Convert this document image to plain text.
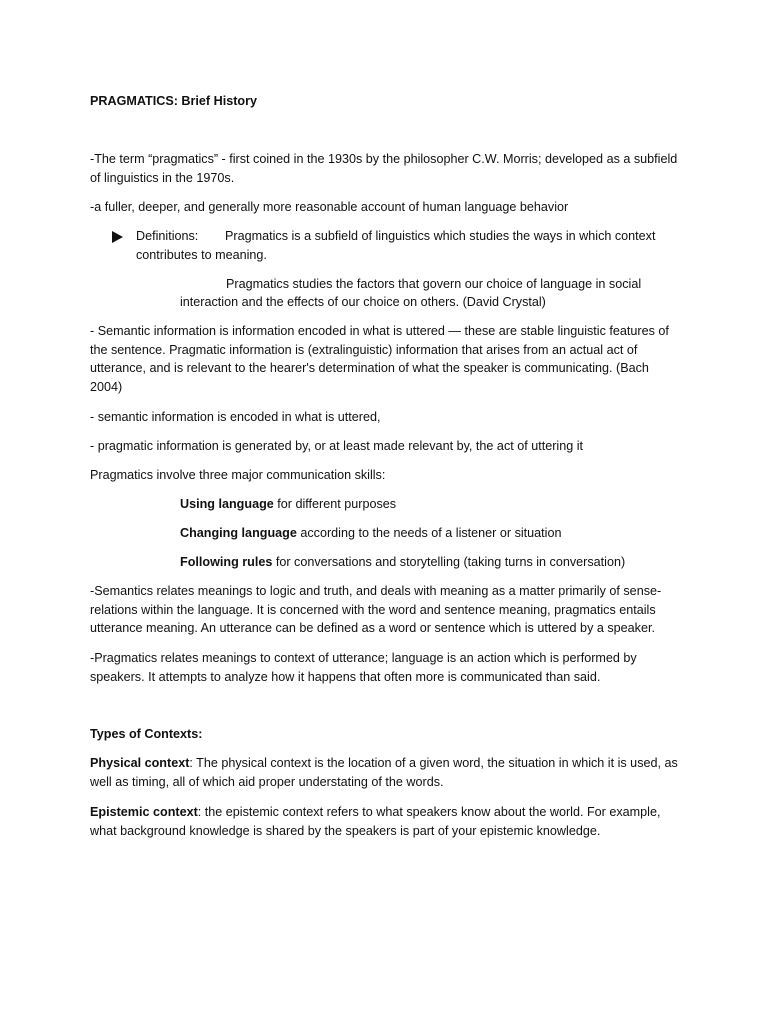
PRAGMATICS: Brief History
-The term “pragmatics” - first coined in the 1930s by the philosopher C.W. Morris; developed as a subfield of linguistics in the 1970s.
-a fuller, deeper, and generally more reasonable account of human language behavior
Definitions: Pragmatics is a subfield of linguistics which studies the ways in which context contributes to meaning.
Pragmatics studies the factors that govern our choice of language in social
interaction and the effects of our choice on others. (David Crystal)
- Semantic information is information encoded in what is uttered — these are stable linguistic features of the sentence. Pragmatic information is (extralinguistic) information that arises from an actual act of utterance, and is relevant to the hearer's determination of what the speaker is communicating. (Bach 2004)
- semantic information is encoded in what is uttered,
- pragmatic information is generated by, or at least made relevant by, the act of uttering it
Pragmatics involve three major communication skills:
Using language for different purposes
Changing language according to the needs of a listener or situation
Following rules for conversations and storytelling (taking turns in conversation)
-Semantics relates meanings to logic and truth, and deals with meaning as a matter primarily of sense-relations within the language. It is concerned with the word and sentence meaning, pragmatics entails utterance meaning. An utterance can be defined as a word or sentence which is uttered by a speaker.
-Pragmatics relates meanings to context of utterance; language is an action which is performed by speakers. It attempts to analyze how it happens that often more is communicated than said.
Types of Contexts:
Physical context: The physical context is the location of a given word, the situation in which it is used, as well as timing, all of which aid proper understating of the words.
Epistemic context: the epistemic context refers to what speakers know about the world. For example, what background knowledge is shared by the speakers is part of your epistemic knowledge.
